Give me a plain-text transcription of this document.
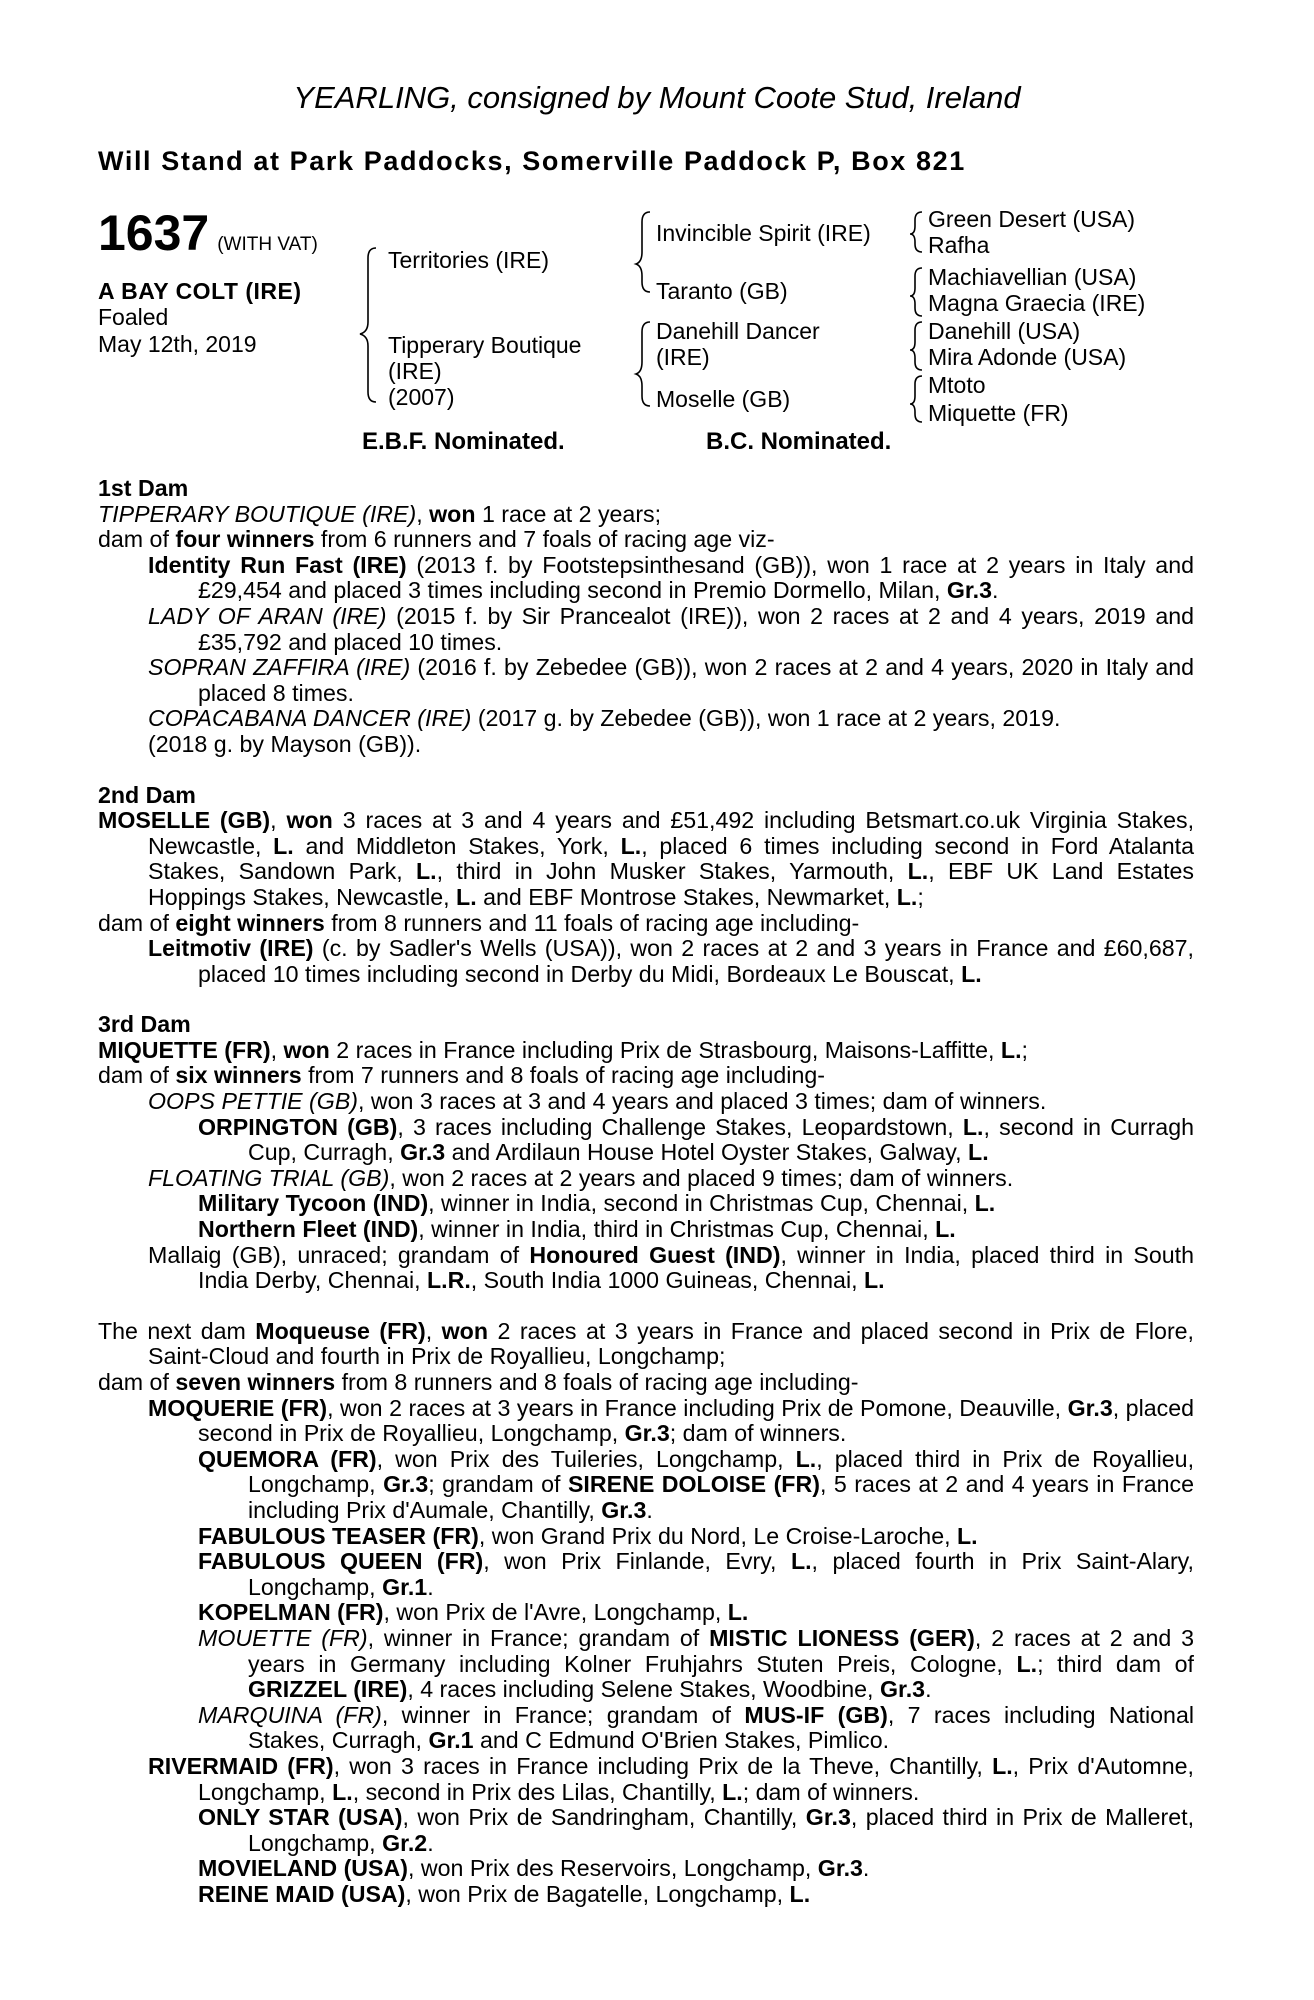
YEARLING, consigned by Mount Coote Stud, Ireland
Will Stand at Park Paddocks, Somerville Paddock P, Box 821
1637 (WITH VAT)
A BAY COLT (IRE)
Foaled
May 12th, 2019
Territories (IRE)
Tipperary Boutique
(IRE)
(2007)
Invincible Spirit (IRE)
Taranto (GB)
Danehill Dancer
(IRE)
Moselle (GB)
Green Desert (USA)
Rafha
Machiavellian (USA)
Magna Graecia (IRE)
Danehill (USA)
Mira Adonde (USA)
Mtoto
Miquette (FR)
E.B.F. Nominated.	B.C. Nominated.

1st Dam

TIPPERARY BOUTIQUE (IRE), won 1 race at 2 years;

dam of four winners from 6 runners and 7 foals of racing age viz-

Identity Run Fast (IRE) (2013 f. by Footstepsinthesand (GB)), won 1 race at 2 years in Italy and £29,454 and placed 3 times including second in Premio Dormello, Milan, Gr.3.

LADY OF ARAN (IRE) (2015 f. by Sir Prancealot (IRE)), won 2 races at 2 and 4 years, 2019 and £35,792 and placed 10 times.

SOPRAN ZAFFIRA (IRE) (2016 f. by Zebedee (GB)), won 2 races at 2 and 4 years, 2020 in Italy and placed 8 times.

COPACABANA DANCER (IRE) (2017 g. by Zebedee (GB)), won 1 race at 2 years, 2019.

(2018 g. by Mayson (GB)).

2nd Dam

MOSELLE (GB), won 3 races at 3 and 4 years and £51,492 including Betsmart.co.uk Virginia Stakes, Newcastle, L. and Middleton Stakes, York, L., placed 6 times including second in Ford Atalanta Stakes, Sandown Park, L., third in John Musker Stakes, Yarmouth, L., EBF UK Land Estates Hoppings Stakes, Newcastle, L. and EBF Montrose Stakes, Newmarket, L.;

dam of eight winners from 8 runners and 11 foals of racing age including-

Leitmotiv (IRE) (c. by Sadler's Wells (USA)), won 2 races at 2 and 3 years in France and £60,687, placed 10 times including second in Derby du Midi, Bordeaux Le Bouscat, L.

3rd Dam

MIQUETTE (FR), won 2 races in France including Prix de Strasbourg, Maisons-Laffitte, L.;

dam of six winners from 7 runners and 8 foals of racing age including-

OOPS PETTIE (GB), won 3 races at 3 and 4 years and placed 3 times; dam of winners.

ORPINGTON (GB), 3 races including Challenge Stakes, Leopardstown, L., second in Curragh Cup, Curragh, Gr.3 and Ardilaun House Hotel Oyster Stakes, Galway, L.

FLOATING TRIAL (GB), won 2 races at 2 years and placed 9 times; dam of winners.

Military Tycoon (IND), winner in India, second in Christmas Cup, Chennai, L.

Northern Fleet (IND), winner in India, third in Christmas Cup, Chennai, L.

Mallaig (GB), unraced; grandam of Honoured Guest (IND), winner in India, placed third in South India Derby, Chennai, L.R., South India 1000 Guineas, Chennai, L.

The next dam Moqueuse (FR), won 2 races at 3 years in France and placed second in Prix de Flore, Saint-Cloud and fourth in Prix de Royallieu, Longchamp;

dam of seven winners from 8 runners and 8 foals of racing age including-

MOQUERIE (FR), won 2 races at 3 years in France including Prix de Pomone, Deauville, Gr.3, placed second in Prix de Royallieu, Longchamp, Gr.3; dam of winners.

QUEMORA (FR), won Prix des Tuileries, Longchamp, L., placed third in Prix de Royallieu, Longchamp, Gr.3; grandam of SIRENE DOLOISE (FR), 5 races at 2 and 4 years in France including Prix d'Aumale, Chantilly, Gr.3.

FABULOUS TEASER (FR), won Grand Prix du Nord, Le Croise-Laroche, L.

FABULOUS QUEEN (FR), won Prix Finlande, Evry, L., placed fourth in Prix Saint-Alary, Longchamp, Gr.1.

KOPELMAN (FR), won Prix de l'Avre, Longchamp, L.

MOUETTE (FR), winner in France; grandam of MISTIC LIONESS (GER), 2 races at 2 and 3 years in Germany including Kolner Fruhjahrs Stuten Preis, Cologne, L.; third dam of GRIZZEL (IRE), 4 races including Selene Stakes, Woodbine, Gr.3.

MARQUINA (FR), winner in France; grandam of MUS-IF (GB), 7 races including National Stakes, Curragh, Gr.1 and C Edmund O'Brien Stakes, Pimlico.

RIVERMAID (FR), won 3 races in France including Prix de la Theve, Chantilly, L., Prix d'Automne, Longchamp, L., second in Prix des Lilas, Chantilly, L.; dam of winners.

ONLY STAR (USA), won Prix de Sandringham, Chantilly, Gr.3, placed third in Prix de Malleret, Longchamp, Gr.2.

MOVIELAND (USA), won Prix des Reservoirs, Longchamp, Gr.3.

REINE MAID (USA), won Prix de Bagatelle, Longchamp, L.
